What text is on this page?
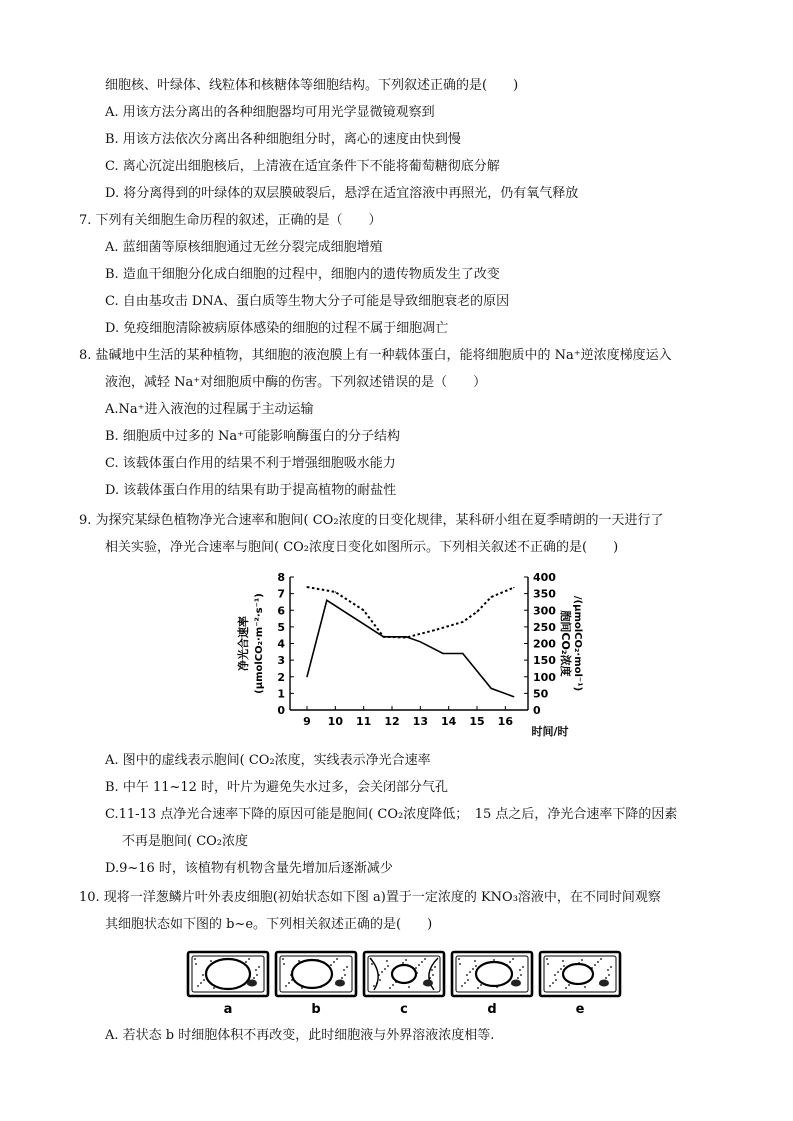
细胞核、叶绿体、线粒体和核糖体等细胞结构。下列叙述正确的是(　　)
A. 用该方法分离出的各种细胞器均可用光学显微镜观察到
B. 用该方法依次分离出各种细胞组分时，离心的速度由快到慢
C. 离心沉淀出细胞核后，上清液在适宜条件下不能将葡萄糖彻底分解
D. 将分离得到的叶绿体的双层膜破裂后，悬浮在适宜溶液中再照光，仍有氧气释放
7. 下列有关细胞生命历程的叙述，正确的是（　　）
A. 蓝细菌等原核细胞通过无丝分裂完成细胞增殖
B. 造血干细胞分化成白细胞的过程中，细胞内的遗传物质发生了改变
C. 自由基攻击 DNA、蛋白质等生物大分子可能是导致细胞衰老的原因
D. 免疫细胞清除被病原体感染的细胞的过程不属于细胞凋亡
8. 盐碱地中生活的某种植物，其细胞的液泡膜上有一种载体蛋白，能将细胞质中的 Na⁺逆浓度梯度运入
液泡，减轻 Na⁺对细胞质中酶的伤害。下列叙述错误的是（　　）
A.Na⁺进入液泡的过程属于主动运输
B. 细胞质中过多的 Na⁺可能影响酶蛋白的分子结构
C. 该载体蛋白作用的结果不利于增强细胞吸水能力
D. 该载体蛋白作用的结果有助于提高植物的耐盐性
9. 为探究某绿色植物净光合速率和胞间( CO₂浓度的日变化规律，某科研小组在夏季晴朗的一天进行了
相关实验，净光合速率与胞间( CO₂浓度日变化如图所示。下列相关叙述不正确的是(　　)
0
1
2
3
4
5
6
7
8
0
50
100
150
200
250
300
350
400
9 10 11 12 13 14 15 16
时间/时
净光合速率 (μmolCO₂·m⁻²·s⁻¹)	胞间CO₂浓度 /(μmolCO₂·mol⁻¹)
A. 图中的虚线表示胞间( CO₂浓度，实线表示净光合速率
B. 中午 11~12 时，叶片为避免失水过多，会关闭部分气孔
C.11-13 点净光合速率下降的原因可能是胞间( CO₂浓度降低；　15 点之后，净光合速率下降的因素
不再是胞间( CO₂浓度
D.9~16 时，该植物有机物含量先增加后逐渐减少
10. 现将一洋葱鳞片叶外表皮细胞(初始状态如下图 a)置于一定浓度的 KNO₃溶液中，在不同时间观察
其细胞状态如下图的 b~e。下列相关叙述正确的是(　　)
a	b	c	d	e
A. 若状态 b 时细胞体积不再改变，此时细胞液与外界溶液浓度相等.
